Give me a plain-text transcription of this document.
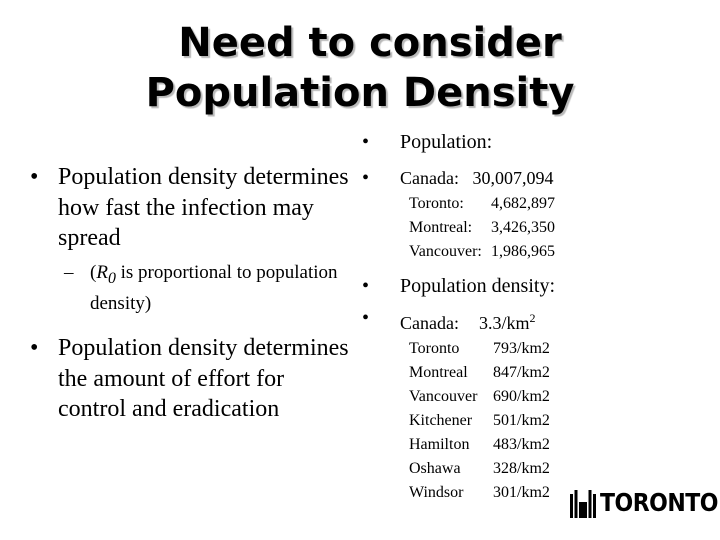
Need to consider
Population Density
• Population density determines how fast the infection may spread
– ($R_0$ is proportional to population density)
• Population density determines the amount of effort for control and eradication
•	Population:
•	Canada:   30,007,094
Toronto:	4,682,897
Montreal:	3,426,350
Vancouver: 1,986,965
•	Population density:
•	Canada: $3.3/km^2$
Toronto	793/km2
Montreal	847/km2
Vancouver 690/km2
Kitchener	501/km2
Hamilton	483/km2
Oshawa	328/km2
Windsor	301/km2 TORONTO
